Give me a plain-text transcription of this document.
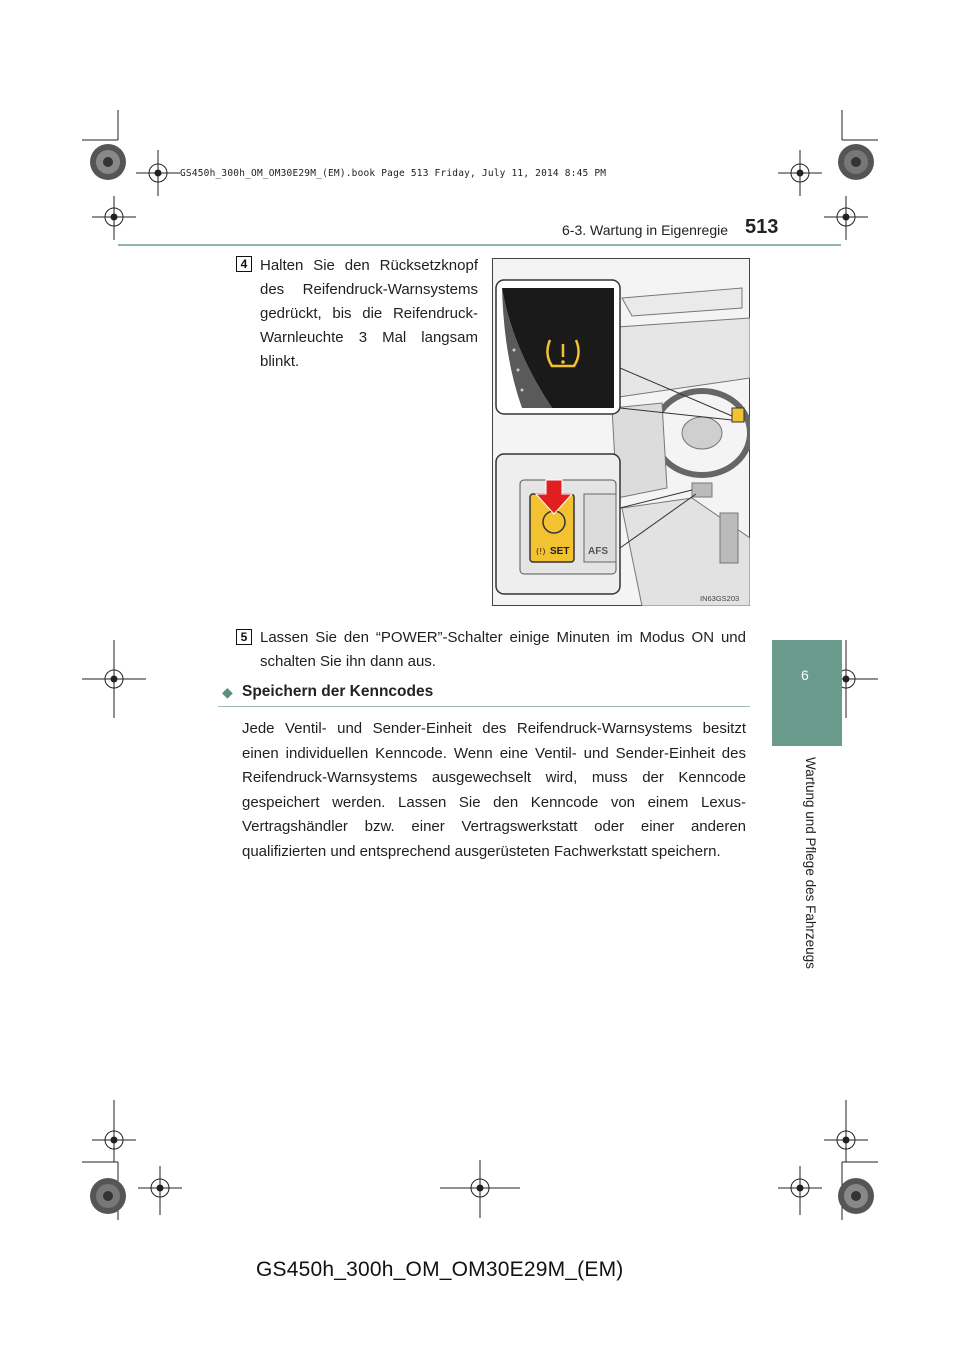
GS450h_300h_OM_OM30E29M_(EM).book Page 513 Friday, July 11, 2014 8:45 PM
6-3. Wartung in Eigenregie 513
6
Wartung und Pflege des Fahrzeugs
4 Halten Sie den Rücksetzknopf des Reifendruck-Warnsystems gedrückt, bis die Reifendruck-Warnleuchte 3 Mal langsam blinkt.
SET
(!)	AFS
IN63GS203
5 Lassen Sie den “POWER”-Schalter einige Minuten im Modus ON und schalten Sie ihn dann aus.
◆ Speichern der Kenncodes
Jede Ventil- und Sender-Einheit des Reifendruck-Warnsystems besitzt einen individuellen Kenncode. Wenn eine Ventil- und Sender-Einheit des Reifendruck-Warnsystems ausgewechselt wird, muss der Kenncode gespeichert werden. Lassen Sie den Kenncode von einem Lexus-Vertragshändler bzw. einer Vertragswerkstatt oder einer anderen qualifizierten und entsprechend ausgerüsteten Fachwerkstatt speichern.
GS450h_300h_OM_OM30E29M_(EM)
